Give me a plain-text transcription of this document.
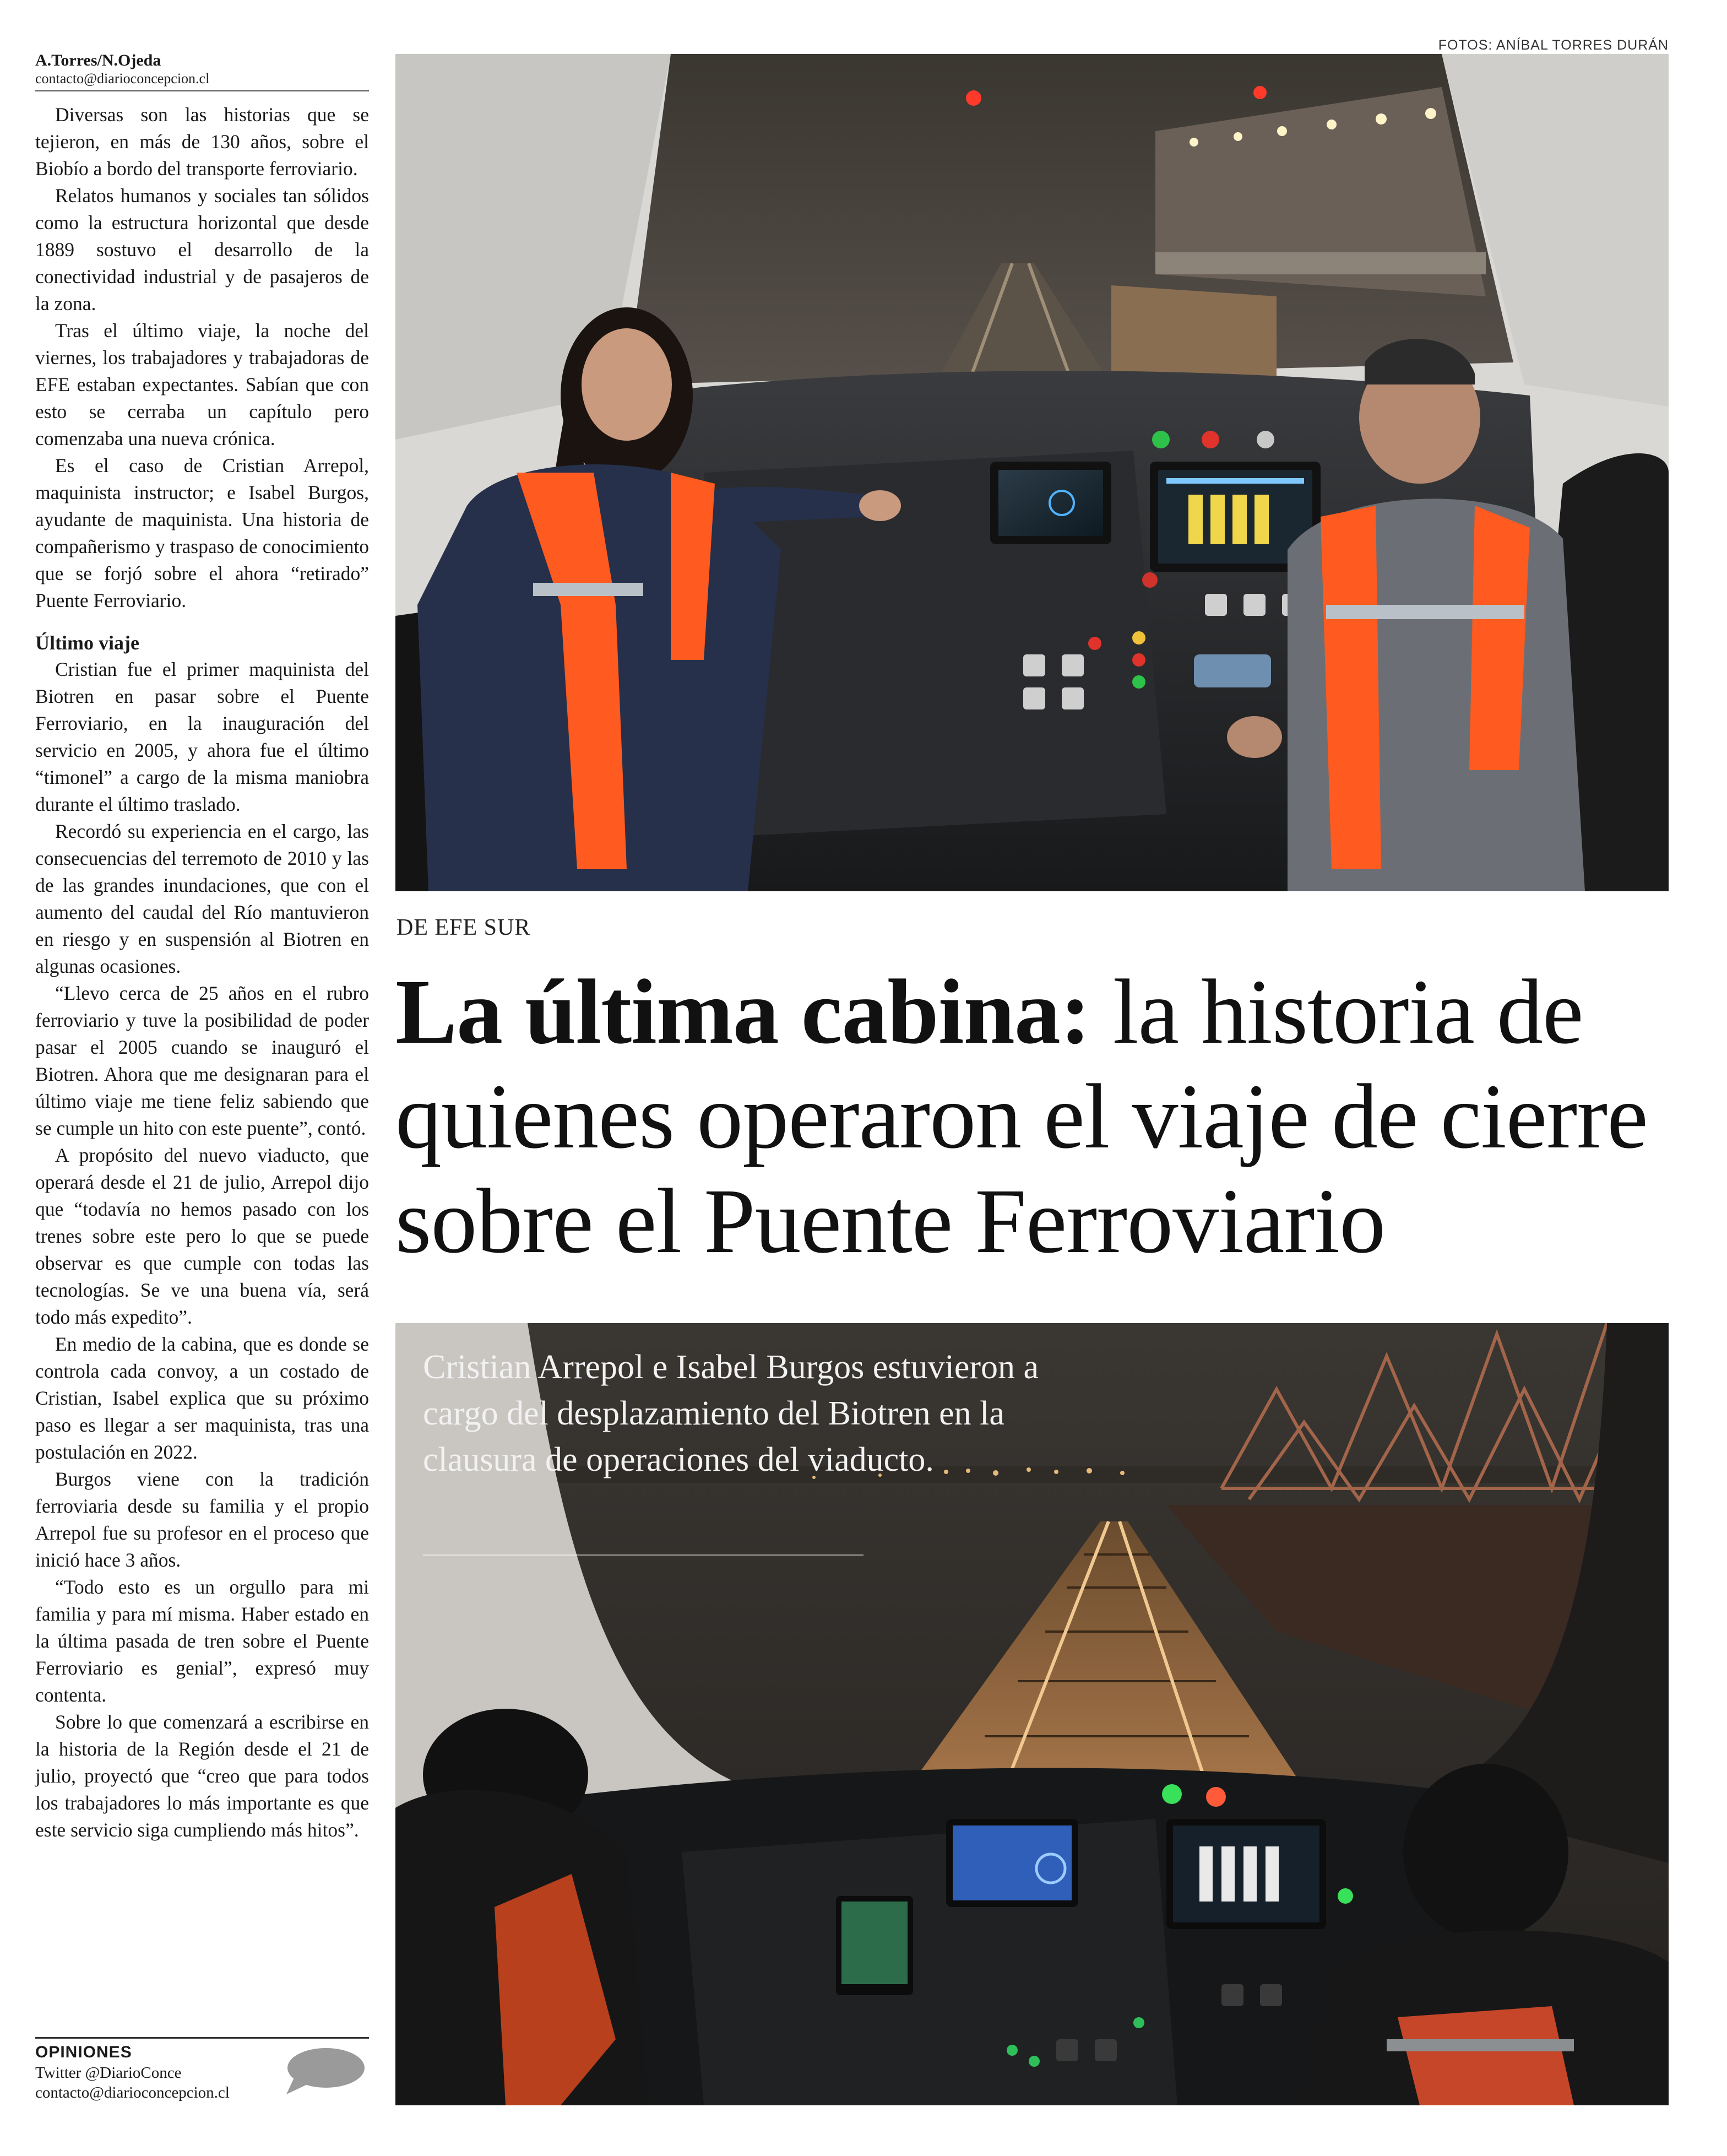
FOTOS: ANÍBAL TORRES DURÁN
A.Torres/N.Ojeda
contacto@diarioconcepcion.cl

Diversas son las historias que se tejieron, en más de 130 años, sobre el Biobío a bordo del transporte ferroviario.

Relatos humanos y sociales tan sólidos como la estructura horizontal que desde 1889 sostuvo el desarrollo de la conectividad industrial y de pasajeros de la zona.

Tras el último viaje, la noche del viernes, los trabajadores y trabajadoras de EFE estaban expectantes. Sabían que con esto se cerraba un capítulo pero comenzaba una nueva crónica.

Es el caso de Cristian Arrepol, maquinista instructor; e Isabel Burgos, ayudante de maquinista. Una historia de compañerismo y traspaso de conocimiento que se forjó sobre el ahora “retirado” Puente Ferroviario.

Último viaje

Cristian fue el primer maquinista del Biotren en pasar sobre el Puente Ferroviario, en la inauguración del servicio en 2005, y ahora fue el último “timonel” a cargo de la misma maniobra durante el último traslado.

Recordó su experiencia en el cargo, las consecuencias del terremoto de 2010 y las de las grandes inundaciones, que con el aumento del caudal del Río mantuvieron en riesgo y en suspensión al Biotren en algunas ocasiones.

“Llevo cerca de 25 años en el rubro ferroviario y tuve la posibilidad de poder pasar el 2005 cuando se inauguró el Biotren. Ahora que me designaran para el último viaje me tiene feliz sabiendo que se cumple un hito con este puente”, contó.

A propósito del nuevo viaducto, que operará desde el 21 de julio, Arrepol dijo que “todavía no hemos pasado con los trenes sobre este pero lo que se puede observar es que cumple con todas las tecnologías. Se ve una buena vía, será todo más expedito”.

En medio de la cabina, que es donde se controla cada convoy, a un costado de Cristian, Isabel explica que su próximo paso es llegar a ser maquinista, tras una postulación en 2022.

Burgos viene con la tradición ferroviaria desde su familia y el propio Arrepol fue su profesor en el proceso que inició hace 3 años.

“Todo esto es un orgullo para mi familia y para mí misma. Haber estado en la última pasada de tren sobre el Puente Ferroviario es genial”, expresó muy contenta.

Sobre lo que comenzará a escribirse en la historia de la Región desde el 21 de julio, proyectó que “creo que para todos los trabajadores lo más importante es que este servicio siga cumpliendo más hitos”.

OPINIONES
Twitter @DiarioConce
contacto@diarioconcepcion.cl
DE EFE SUR
La última cabina: la historia de quienes operaron el viaje de cierre sobre el Puente Ferroviario
Cristian Arrepol e Isabel Burgos estuvieron a cargo del desplazamiento del Biotren en la clausura de operaciones del viaducto.
